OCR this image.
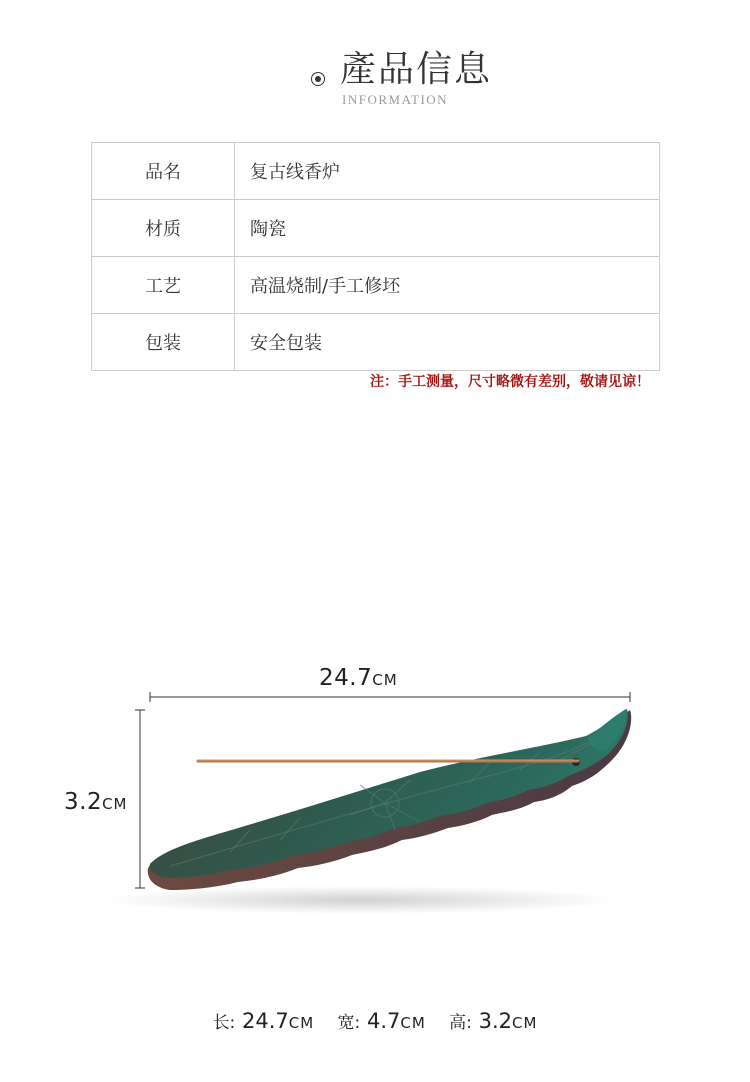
產品信息
INFORMATION
品名	复古线香炉
材质	陶瓷
工艺	高温烧制/手工修坯
包装	安全包装
注：手工测量，尺寸略微有差别，敬请见谅！
24.7CM
3.2CM
长: 24.7CM 宽: 4.7CM 高: 3.2CM
